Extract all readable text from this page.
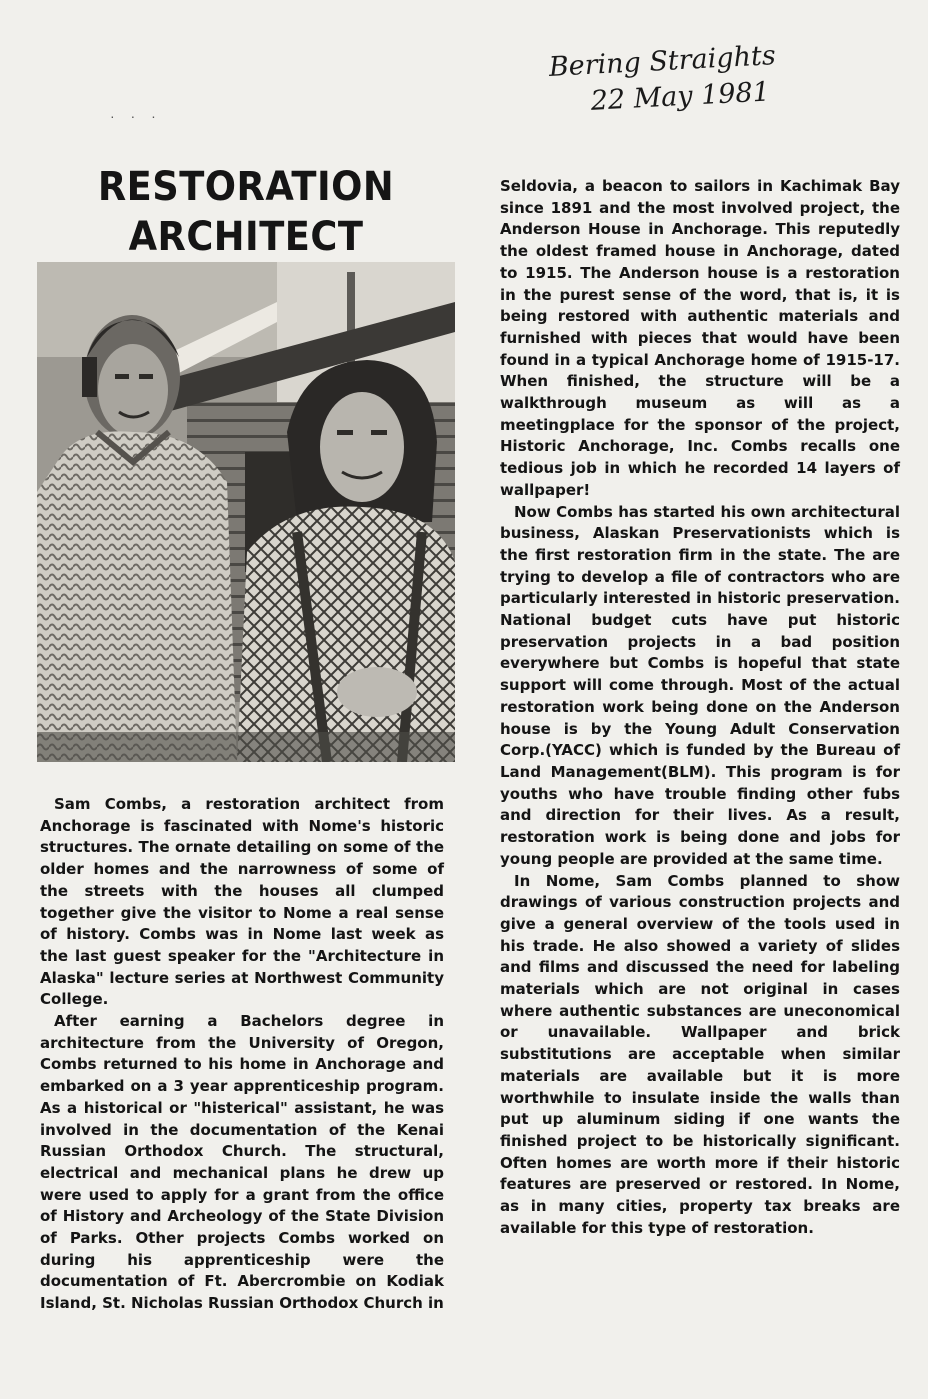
· · ·
Bering Straights
22 May 1981
RESTORATION
ARCHITECT

Sam Combs, a restoration architect from Anchorage is fascinated with Nome's historic structures. The ornate detailing on some of the older homes and the narrowness of some of the streets with the houses all clumped together give the visitor to Nome a real sense of history. Combs was in Nome last week as the last guest speaker for the "Architecture in Alaska" lecture series at Northwest Community College.

After earning a Bachelors degree in architecture from the University of Oregon, Combs returned to his home in Anchorage and embarked on a 3 year apprenticeship program. As a historical or "histerical" assistant, he was involved in the documentation of the Kenai Russian Orthodox Church. The structural, electrical and mechanical plans he drew up were used to apply for a grant from the office of History and Archeology of the State Division of Parks. Other projects Combs worked on during his apprenticeship were the documentation of Ft. Abercrombie on Kodiak Island, St. Nicholas Russian Orthodox Church in

Seldovia, a beacon to sailors in Kachimak Bay since 1891 and the most involved project, the Anderson House in Anchorage. This reputedly the oldest framed house in Anchorage, dated to 1915. The Anderson house is a restoration in the purest sense of the word, that is, it is being restored with authentic materials and furnished with pieces that would have been found in a typical Anchorage home of 1915-17. When finished, the structure will be a walkthrough museum as will as a meetingplace for the sponsor of the project, Historic Anchorage, Inc. Combs recalls one tedious job in which he recorded 14 layers of wallpaper!

Now Combs has started his own architectural business, Alaskan Preservationists which is the first restoration firm in the state. The are trying to develop a file of contractors who are particularly interested in historic preservation. National budget cuts have put historic preservation projects in a bad position everywhere but Combs is hopeful that state support will come through. Most of the actual restoration work being done on the Anderson house is by the Young Adult Conservation Corp.(YACC) which is funded by the Bureau of Land Management(BLM). This program is for youths who have trouble finding other fubs and direction for their lives. As a result, restoration work is being done and jobs for young people are provided at the same time.

In Nome, Sam Combs planned to show drawings of various construction projects and give a general overview of the tools used in his trade. He also showed a variety of slides and films and discussed the need for labeling materials which are not original in cases where authentic substances are uneconomical or unavailable. Wallpaper and brick substitutions are acceptable when similar materials are available but it is more worthwhile to insulate inside the walls than put up aluminum siding if one wants the finished project to be historically significant. Often homes are worth more if their historic features are preserved or restored. In Nome, as in many cities, property tax breaks are available for this type of restoration.
